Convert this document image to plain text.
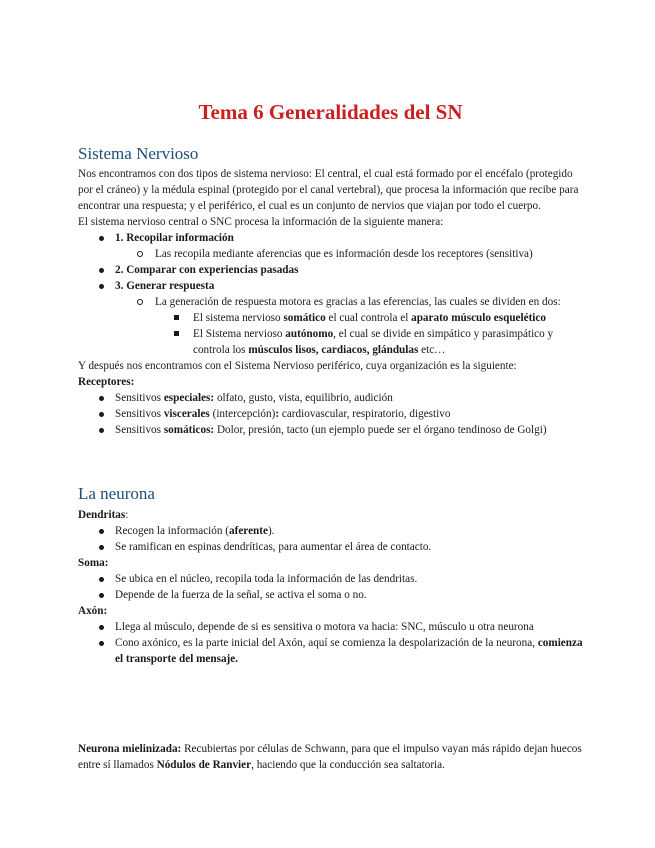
Tema 6 Generalidades del SN
Sistema Nervioso

Nos encontramos con dos tipos de sistema nervioso: El central, el cual está formado por el encéfalo (protegido por el cráneo) y la médula espinal (protegido por el canal vertebral), que procesa la información que recibe para encontrar una respuesta; y el periférico, el cual es un conjunto de nervios que viajan por todo el cuerpo.

El sistema nervioso central o SNC procesa la información de la siguiente manera:

1. Recopilar información
Las recopila mediante aferencias que es información desde los receptores (sensitiva)
2. Comparar con experiencias pasadas
3. Generar respuesta
La generación de respuesta motora es gracias a las eferencias, las cuales se dividen en dos:
El sistema nervioso somático el cual controla el aparato músculo esquelético
El Sistema nervioso autónomo, el cual se divide en simpático y parasimpático y controla los músculos lisos, cardiacos, glándulas etc…

Y después nos encontramos con el Sistema Nervioso periférico, cuya organización es la siguiente:

Receptores:

Sensitivos especiales: olfato, gusto, vista, equilibrio, audición
Sensitivos viscerales (intercepción): cardiovascular, respiratorio, digestivo
Sensitivos somáticos: Dolor, presión, tacto (un ejemplo puede ser el órgano tendinoso de Golgi)
La neurona

Dendritas:

Recogen la información (aferente).
Se ramifican en espinas dendríticas, para aumentar el área de contacto.

Soma:

Se ubica en el núcleo, recopila toda la información de las dendritas.
Depende de la fuerza de la señal, se activa el soma o no.

Axón:

Llega al músculo, depende de si es sensitiva o motora va hacia: SNC, músculo u otra neurona
Cono axónico, es la parte inicial del Axón, aquí se comienza la despolarización de la neurona, comienza el transporte del mensaje.

Neurona mielinizada: Recubiertas por células de Schwann, para que el impulso vayan más rápido dejan huecos entre sí llamados Nódulos de Ranvier, haciendo que la conducción sea saltatoria.
